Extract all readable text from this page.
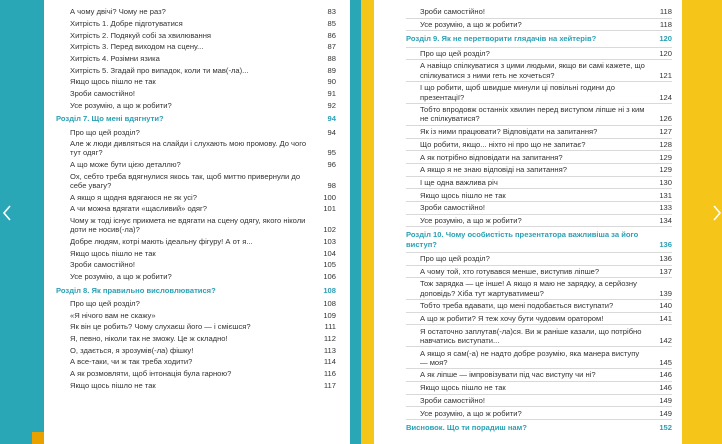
А чому двічі? Чому не раз?	83
Хитрість 1. Добре підготуватися	85
Хитрість 2. Подякуй собі за хвилювання	86
Хитрість 3. Перед виходом на сцену...	87
Хитрість 4. Розімни язика	88
Хитрість 5. Згадай про випадок, коли ти мав(-ла)...	89
Якщо щось пішло не так	90
Зроби самостійно!	91
Усе розумію, а що ж робити?	92
Розділ 7. Що мені вдягнути?	94
Про що цей розділ?	94
Але ж люди дивляться на слайди і слухають мою промову. До чого тут одяг?	95
А що може бути цією деталлю?	96
Ох, себто треба вдягнулися якось так, щоб миттю привернули до себе увагу?	98
А якщо я щодня вдягаюся не як усі?	100
А чи можна вдягати «щасливий» одяг?	101
Чому ж тоді існує прикмета не вдягати на сцену одягу, якого ніколи доти не носив(-ла)?	102
Добре людям, котрі мають ідеальну фігуру! А от я...	103
Якщо щось пішло не так	104
Зроби самостійно!	105
Усе розумію, а що ж робити?	106
Розділ 8. Як правильно висловлюватися?	108
Про що цей розділ?	108
«Я нічого вам не скажу»	109
Як він це робить? Чому слухаєш його — і смієшся?	111
Я, певно, ніколи так не зможу. Це ж складно!	112
О, здається, я зрозумів(-ла) фішку!	113
А все-таки, чи ж так треба ходити?	114
А як розмовляти, щоб інтонація була гарною?	116
Якщо щось пішло не так	117
Зроби самостійно!	118
Усе розумію, а що ж робити?	118
Розділ 9. Як не перетворити глядачів на хейтерів?	120
Про що цей розділ?	120
А навіщо спілкуватися з цими людьми, якщо ви самі кажете, що спілкуватися з ними геть не хочеться?	121
І що робити, щоб швидше минули ці повільні години до презентації?	124
Тобто впродовж останніх хвилин перед виступом ліпше ні з ким не спілкуватися?	126
Як із ними працювати? Відповідати на запитання?	127
Що робити, якщо... ніхто ні про що не запитає?	128
А як потрібно відповідати на запитання?	129
А якщо я не знаю відповіді на запитання?	129
І ще одна важлива річ	130
Якщо щось пішло не так	131
Зроби самостійно!	133
Усе розумію, а що ж робити?	134
Розділ 10. Чому особистість презентатора важливіша за його виступ?	136
Про що цей розділ?	136
А чому той, хто готувався менше, виступив ліпше?	137
Тож зарядка — це інше! А якщо я маю не зарядку, а серйозну доповідь? Хіба тут жартуватимеш?	139
Тобто треба вдавати, що мені подобається виступати?	140
А що ж робити? Я теж хочу бути чудовим оратором!	141
Я остаточно заплутав(-ла)ся. Ви ж раніше казали, що потрібно навчатись виступати...	142
А якщо я сам(-а) не надто добре розумію, яка манера виступу — моя?	145
А як ліпше — імпровізувати під час виступу чи ні?	146
Якщо щось пішло не так	146
Зроби самостійно!	149
Усе розумію, а що ж робити?	149
Висновок. Що ти порадиш нам?	152
